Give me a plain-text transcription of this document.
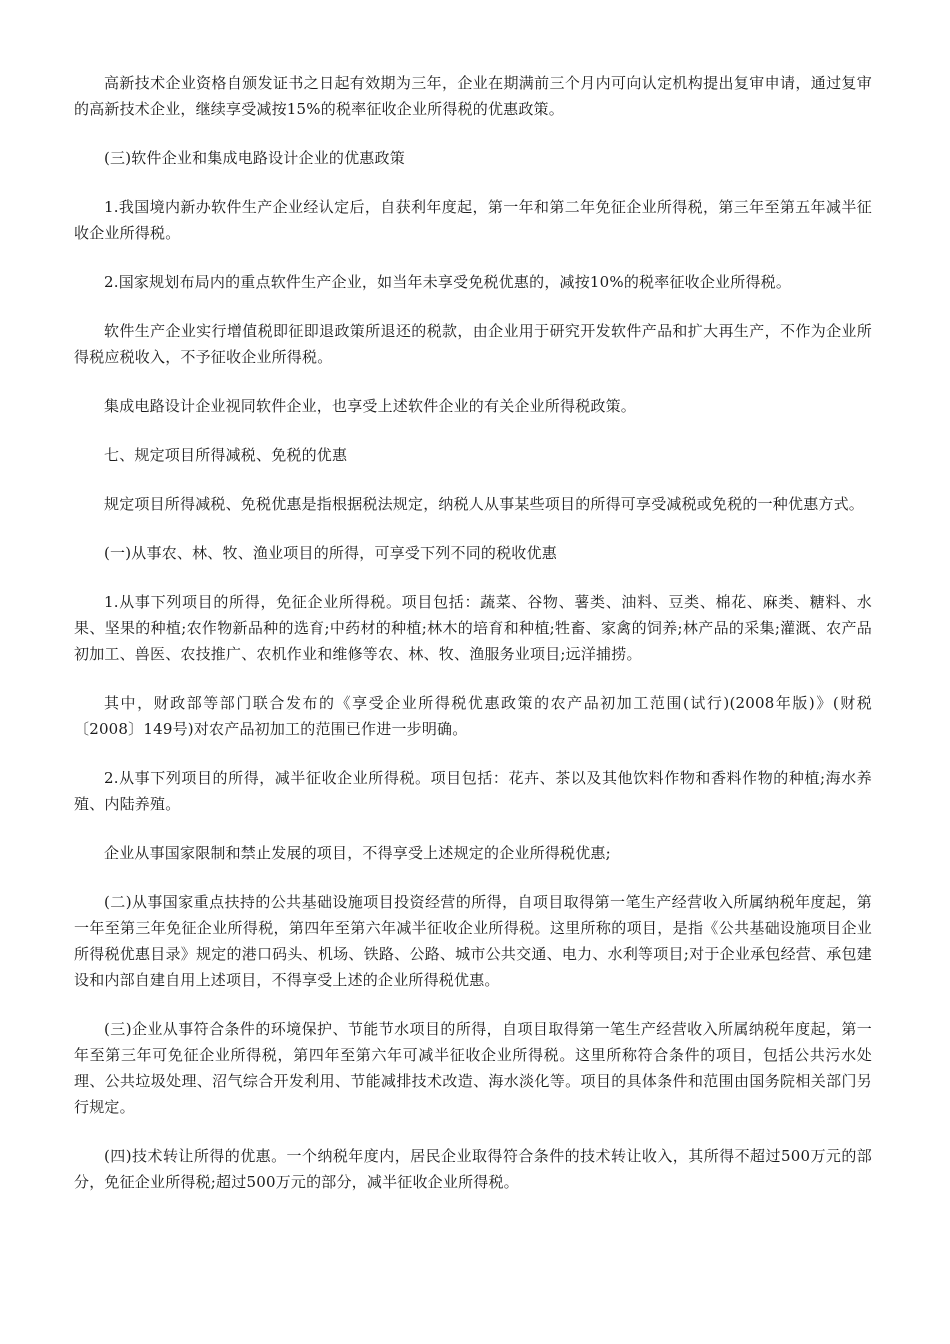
高新技术企业资格自颁发证书之日起有效期为三年，企业在期满前三个月内可向认定机构提出复审申请，通过复审的高新技术企业，继续享受减按15%的税率征收企业所得税的优惠政策。

(三)软件企业和集成电路设计企业的优惠政策

1.我国境内新办软件生产企业经认定后，自获利年度起，第一年和第二年免征企业所得税，第三年至第五年减半征收企业所得税。

2.国家规划布局内的重点软件生产企业，如当年未享受免税优惠的，减按10%的税率征收企业所得税。

软件生产企业实行增值税即征即退政策所退还的税款，由企业用于研究开发软件产品和扩大再生产，不作为企业所得税应税收入，不予征收企业所得税。

集成电路设计企业视同软件企业，也享受上述软件企业的有关企业所得税政策。

七、规定项目所得减税、免税的优惠

规定项目所得减税、免税优惠是指根据税法规定，纳税人从事某些项目的所得可享受减税或免税的一种优惠方式。

(一)从事农、林、牧、渔业项目的所得，可享受下列不同的税收优惠

1.从事下列项目的所得，免征企业所得税。项目包括：蔬菜、谷物、薯类、油料、豆类、棉花、麻类、糖料、水果、坚果的种植;农作物新品种的选育;中药材的种植;林木的培育和种植;牲畜、家禽的饲养;林产品的采集;灌溉、农产品初加工、兽医、农技推广、农机作业和维修等农、林、牧、渔服务业项目;远洋捕捞。

其中，财政部等部门联合发布的《享受企业所得税优惠政策的农产品初加工范围(试行)(2008年版)》(财税〔2008〕149号)对农产品初加工的范围已作进一步明确。

2.从事下列项目的所得，减半征收企业所得税。项目包括：花卉、茶以及其他饮料作物和香料作物的种植;海水养殖、内陆养殖。

企业从事国家限制和禁止发展的项目，不得享受上述规定的企业所得税优惠;

(二)从事国家重点扶持的公共基础设施项目投资经营的所得，自项目取得第一笔生产经营收入所属纳税年度起，第一年至第三年免征企业所得税，第四年至第六年减半征收企业所得税。这里所称的项目，是指《公共基础设施项目企业所得税优惠目录》规定的港口码头、机场、铁路、公路、城市公共交通、电力、水利等项目;对于企业承包经营、承包建设和内部自建自用上述项目，不得享受上述的企业所得税优惠。

(三)企业从事符合条件的环境保护、节能节水项目的所得，自项目取得第一笔生产经营收入所属纳税年度起，第一年至第三年可免征企业所得税，第四年至第六年可减半征收企业所得税。这里所称符合条件的项目，包括公共污水处理、公共垃圾处理、沼气综合开发利用、节能减排技术改造、海水淡化等。项目的具体条件和范围由国务院相关部门另行规定。

(四)技术转让所得的优惠。一个纳税年度内，居民企业取得符合条件的技术转让收入，其所得不超过500万元的部分，免征企业所得税;超过500万元的部分，减半征收企业所得税。
